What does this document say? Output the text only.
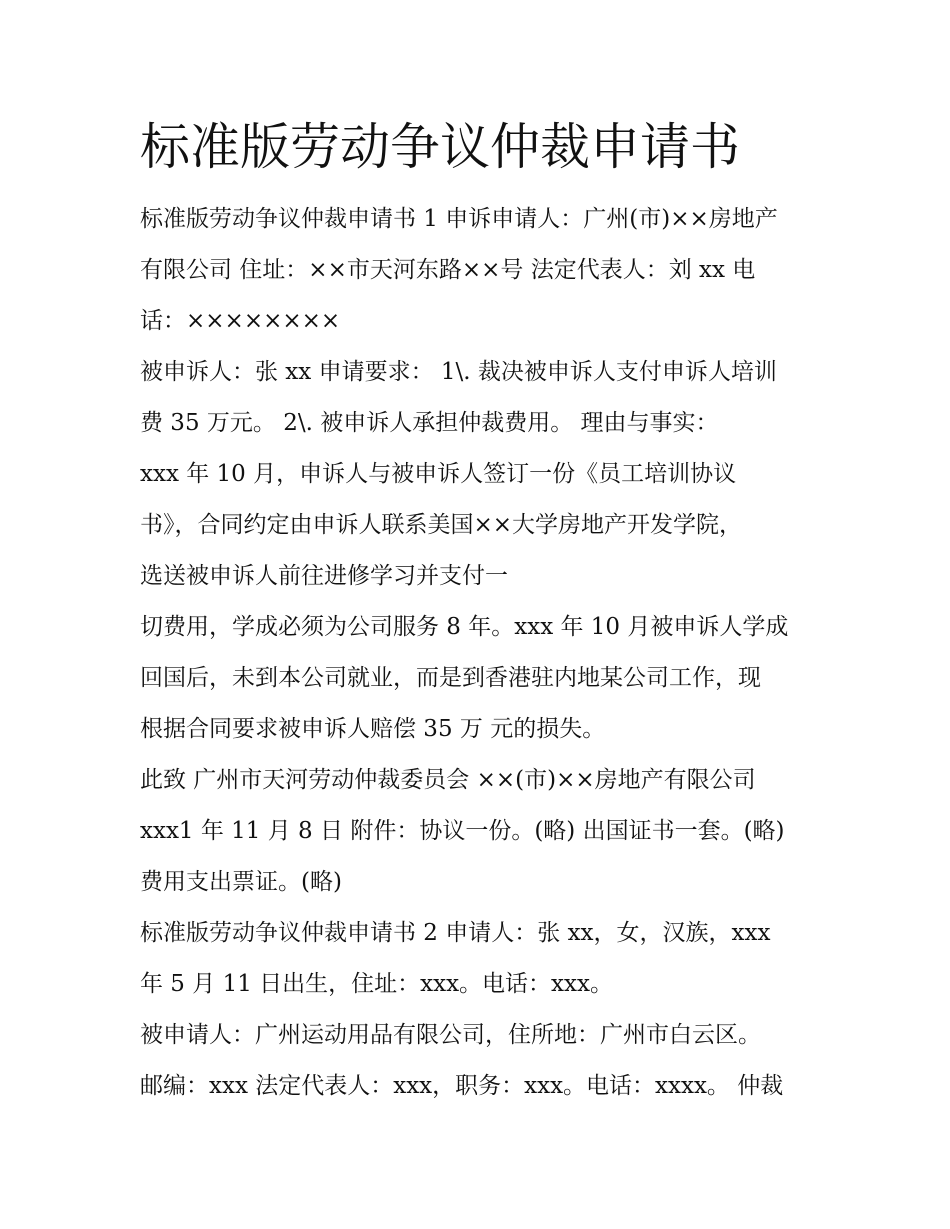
标准版劳动争议仲裁申请书

标准版劳动争议仲裁申请书 1 申诉申请人：广州(市)××房地产

有限公司 住址：××市天河东路××号 法定代表人：刘 xx 电

话：××××××××

被申诉人：张 xx 申请要求： 1\. 裁决被申诉人支付申诉人培训

费 35 万元。 2\. 被申诉人承担仲裁费用。 理由与事实：

xxx 年 10 月，申诉人与被申诉人签订一份《员工培训协议

书》，合同约定由申诉人联系美国××大学房地产开发学院，

选送被申诉人前往进修学习并支付一

切费用，学成必须为公司服务 8 年。xxx 年 10 月被申诉人学成

回国后，未到本公司就业，而是到香港驻内地某公司工作，现

根据合同要求被申诉人赔偿 35 万 元的损失。

此致 广州市天河劳动仲裁委员会 ××(市)××房地产有限公司

xxx1 年 11 月 8 日 附件：协议一份。(略) 出国证书一套。(略)

费用支出票证。(略)

标准版劳动争议仲裁申请书 2 申请人：张 xx，女，汉族，xxx

年 5 月 11 日出生，住址：xxx。电话：xxx。

被申请人：广州运动用品有限公司，住所地：广州市白云区。

邮编：xxx 法定代表人：xxx，职务：xxx。电话：xxxx。 仲裁
